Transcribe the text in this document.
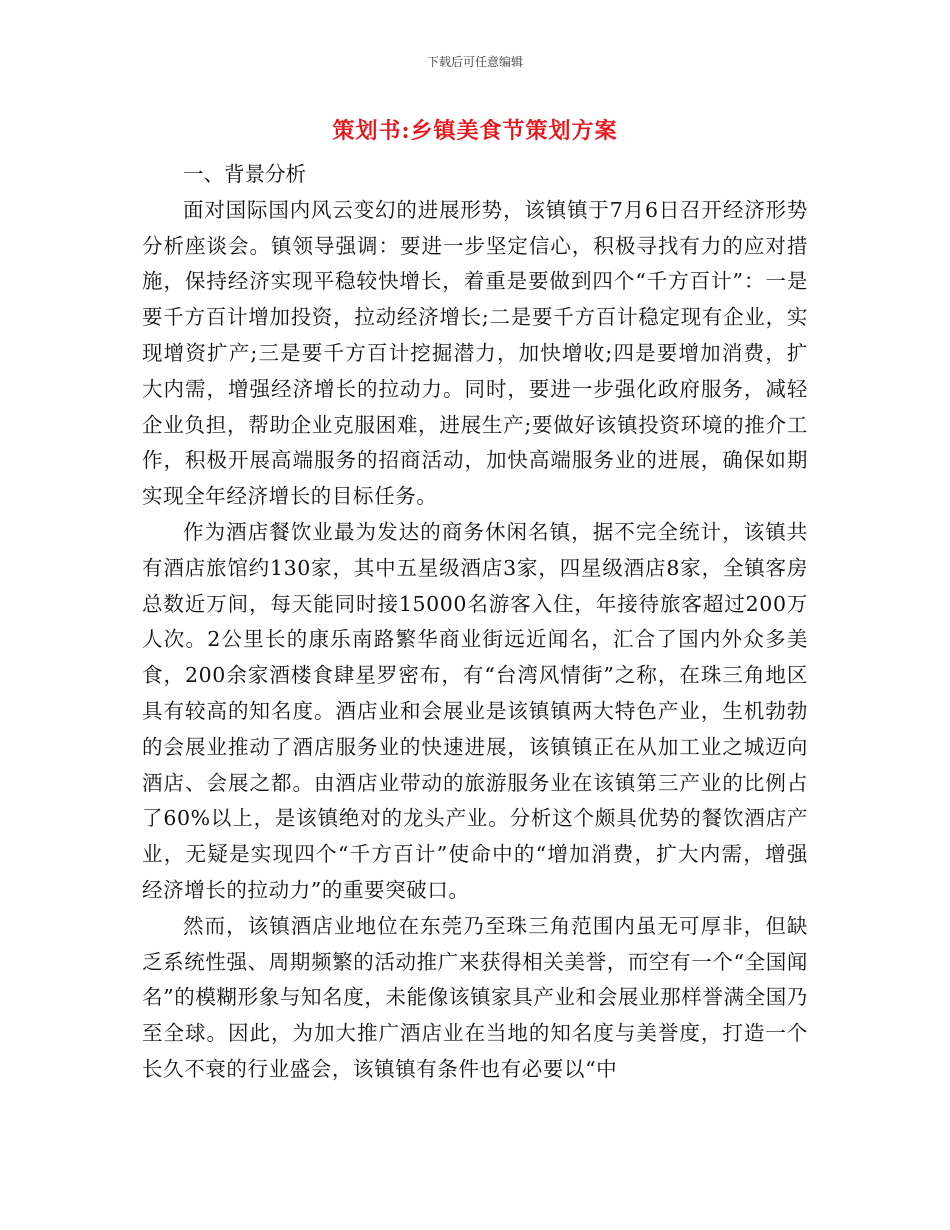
下载后可任意编辑
策划书:乡镇美食节策划方案

一、背景分析

面对国际国内风云变幻的进展形势，该镇镇于7月6日召开经济形势分析座谈会。镇领导强调：要进一步坚定信心，积极寻找有力的应对措施，保持经济实现平稳较快增长，着重是要做到四个“千方百计”：一是要千方百计增加投资，拉动经济增长;二是要千方百计稳定现有企业，实现增资扩产;三是要千方百计挖掘潜力，加快增收;四是要增加消费，扩大内需，增强经济增长的拉动力。同时，要进一步强化政府服务，减轻企业负担，帮助企业克服困难，进展生产;要做好该镇投资环境的推介工作，积极开展高端服务的招商活动，加快高端服务业的进展，确保如期实现全年经济增长的目标任务。

作为酒店餐饮业最为发达的商务休闲名镇，据不完全统计，该镇共有酒店旅馆约130家，其中五星级酒店3家，四星级酒店8家，全镇客房总数近万间，每天能同时接15000名游客入住，年接待旅客超过200万人次。2公里长的康乐南路繁华商业街远近闻名，汇合了国内外众多美食，200余家酒楼食肆星罗密布，有“台湾风情街”之称，在珠三角地区具有较高的知名度。酒店业和会展业是该镇镇两大特色产业，生机勃勃的会展业推动了酒店服务业的快速进展，该镇镇正在从加工业之城迈向酒店、会展之都。由酒店业带动的旅游服务业在该镇第三产业的比例占了60%以上，是该镇绝对的龙头产业。分析这个颇具优势的餐饮酒店产业，无疑是实现四个“千方百计”使命中的“增加消费，扩大内需，增强经济增长的拉动力”的重要突破口。

然而，该镇酒店业地位在东莞乃至珠三角范围内虽无可厚非，但缺乏系统性强、周期频繁的活动推广来获得相关美誉，而空有一个“全国闻名”的模糊形象与知名度，未能像该镇家具产业和会展业那样誉满全国乃至全球。因此，为加大推广酒店业在当地的知名度与美誉度，打造一个长久不衰的行业盛会，该镇镇有条件也有必要以“中
